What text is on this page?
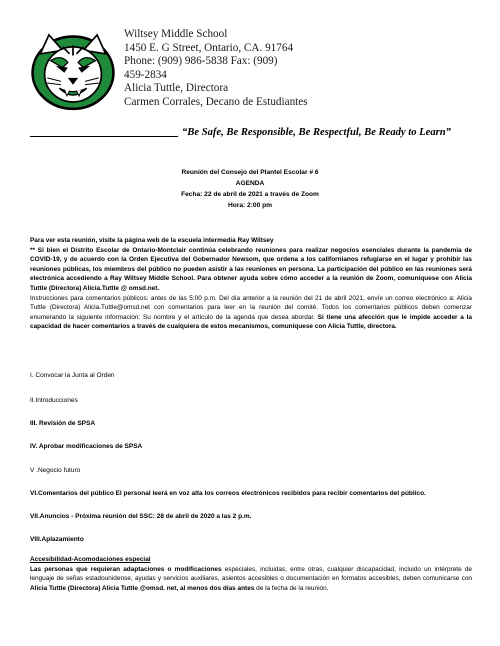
Wiltsey Middle School
1450 E. G Street, Ontario, CA. 91764
Phone: (909) 986-5838 Fax: (909)
459-2834
Alicia Tuttle, Directora
Carmen Corrales, Decano de Estudiantes
“Be Safe, Be Responsible, Be Respectful, Be Ready to Learn”
Reunión del Consejo del Plantel Escolar # 6
AGENDA
Fecha: 22 de abril de 2021 a través de Zoom
Hora: 2:00 pm

Para ver esta reunión, visite la página web de la escuela intermedia Ray Wiltsey

** Si bien el Distrito Escolar de Ontario-Montclair continúa celebrando reuniones para realizar negocios esenciales durante la pandemia de COVID-19, y de acuerdo con la Orden Ejecutiva del Gobernador Newsom, que ordena a los californianos refugiarse en el lugar y prohibir las reuniones públicas, los miembros del público no pueden asistir a las reuniones en persona. La participación del público en las reuniones será electrónica accediendo a Ray Wiltsey Middle School. Para obtener ayuda sobre cómo acceder a la reunión de Zoom, comuníquese con Alicia Tuttle (Directora) Alicia.Tuttle @ omsd.net.

Instrucciones para comentarios públicos: antes de las 5:00 p.m. Del día anterior a la reunión del 21 de abril 2021, envíe un correo electrónico a: Alicia Tuttle (Directora) Alicia.Tuttle@omsd.net con comentarios para leer en la reunión del comité. Todos los comentarios públicos deben comenzar enumerando la siguiente información: Su nombre y el artículo de la agenda que desea abordar. Si tiene una afección que le impide acceder a la capacidad de hacer comentarios a través de cualquiera de estos mecanismos, comuníquese con Alicia Tuttle, directora.

I. Convocar la Junta al Orden
II.Introducciones
III. Revisión de SPSA
IV. Aprobar modificaciones de SPSA
V .Negocio futuro
VI.Comentarios del público El personal leerá en voz alta los correos electrónicos recibidos para recibir comentarios del público.
VII.Anuncios - Próxima reunión del SSC: 28 de abril de 2020 a las 2 p.m.
VIII.Aplazamiento

Accesibilidad-Acomodaciones especial

Las personas que requieran adaptaciones o modificaciones especiales, incluidas, entre otras, cualquier discapacidad, incluido un intérprete de lenguaje de señas estadounidense, ayudas y servicios auxiliares, asientos accesibles o documentación en formatos accesibles, deben comunicarse con Alicia Tuttle (Directora) Alicia Tuttle @omsd. net, al menos dos días antes de la fecha de la reunión.
